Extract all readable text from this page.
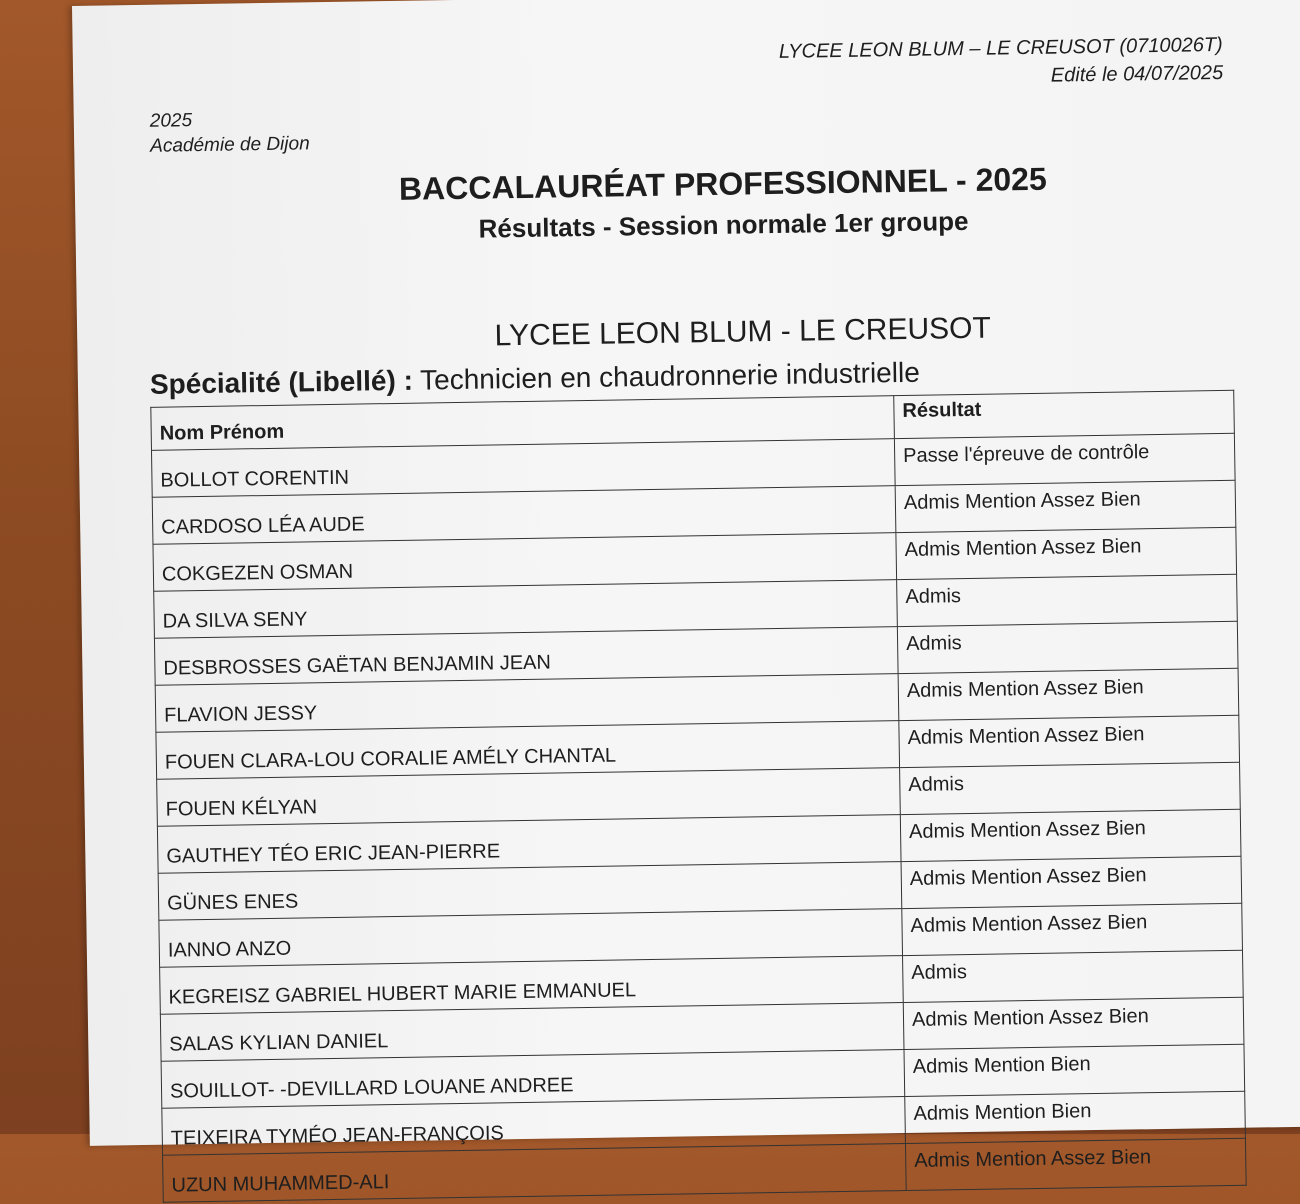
LYCEE LEON BLUM – LE CREUSOT (0710026T)
Edité le 04/07/2025
2025
Académie de Dijon
BACCALAURÉAT PROFESSIONNEL - 2025
Résultats - Session normale 1er groupe
LYCEE LEON BLUM - LE CREUSOT
Spécialité (Libellé) : Technicien en chaudronnerie industrielle
Nom Prénom	Résultat
BOLLOT CORENTIN	Passe l'épreuve de contrôle
CARDOSO LÉA AUDE	Admis Mention Assez Bien
COKGEZEN OSMAN	Admis Mention Assez Bien
DA SILVA SENY	Admis
DESBROSSES GAËTAN BENJAMIN JEAN	Admis
FLAVION JESSY	Admis Mention Assez Bien
FOUEN CLARA-LOU CORALIE AMÉLY CHANTAL	Admis Mention Assez Bien
FOUEN KÉLYAN	Admis
GAUTHEY TÉO ERIC JEAN-PIERRE	Admis Mention Assez Bien
GÜNES ENES	Admis Mention Assez Bien
IANNO ANZO	Admis Mention Assez Bien
KEGREISZ GABRIEL HUBERT MARIE EMMANUEL	Admis
SALAS KYLIAN DANIEL	Admis Mention Assez Bien
SOUILLOT- -DEVILLARD LOUANE ANDREE	Admis Mention Bien
TEIXEIRA TYMÉO JEAN-FRANÇOIS	Admis Mention Bien
UZUN MUHAMMED-ALI	Admis Mention Assez Bien
